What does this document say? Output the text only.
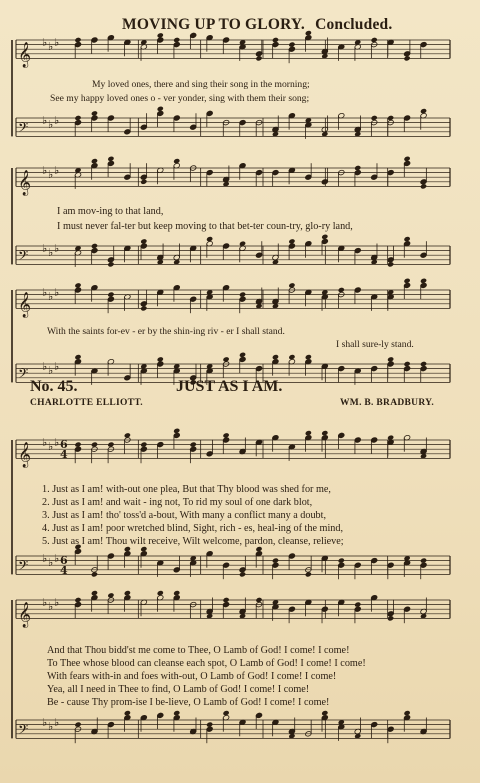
𝄞 ♭ ♭ ♭
𝄢 ♭ ♭ ♭
𝄞 ♭ ♭ ♭
𝄢 ♭ ♭ ♭
𝄞 ♭ ♭ ♭
𝄢 ♭ ♭ ♭
𝄞 ♭ ♭ ♭ 6
4
𝄢 ♭ ♭ ♭ 6
4
𝄞 ♭ ♭ ♭
𝄢 ♭ ♭ ♭
MOVING UP TO GLORY. Concluded.
My loved ones, there and sing their song in the morning;
See my happy loved ones o - ver yonder, sing with them their song;
I am mov-ing to that land,
I must never fal-ter but keep moving to that bet-ter coun-try, glo-ry land,
With the saints for-ev - er by the shin-ing riv - er I shall stand.
I shall sure-ly stand.
No. 45.	JUST AS I AM.
CHARLOTTE ELLIOTT.	WM. B. BRADBURY.
1. Just as I am! with-out one plea, But that Thy blood was shed for me,
2. Just as I am! and wait - ing not, To rid my soul of one dark blot,
3. Just as I am! tho' toss'd a-bout, With many a conflict many a doubt,
4. Just as I am! poor wretched blind, Sight, rich - es, heal-ing of the mind,
5. Just as I am! Thou wilt receive, Wilt welcome, pardon, cleanse, relieve;
And that Thou bidd'st me come to Thee, O Lamb of God! I come! I come!
To Thee whose blood can cleanse each spot, O Lamb of God! I come! I come!
With fears with-in and foes with-out, O Lamb of God! I come! I come!
Yea, all I need in Thee to find, O Lamb of God! I come! I come!
Be - cause Thy prom-ise I be-lieve, O Lamb of God! I come! I come!
